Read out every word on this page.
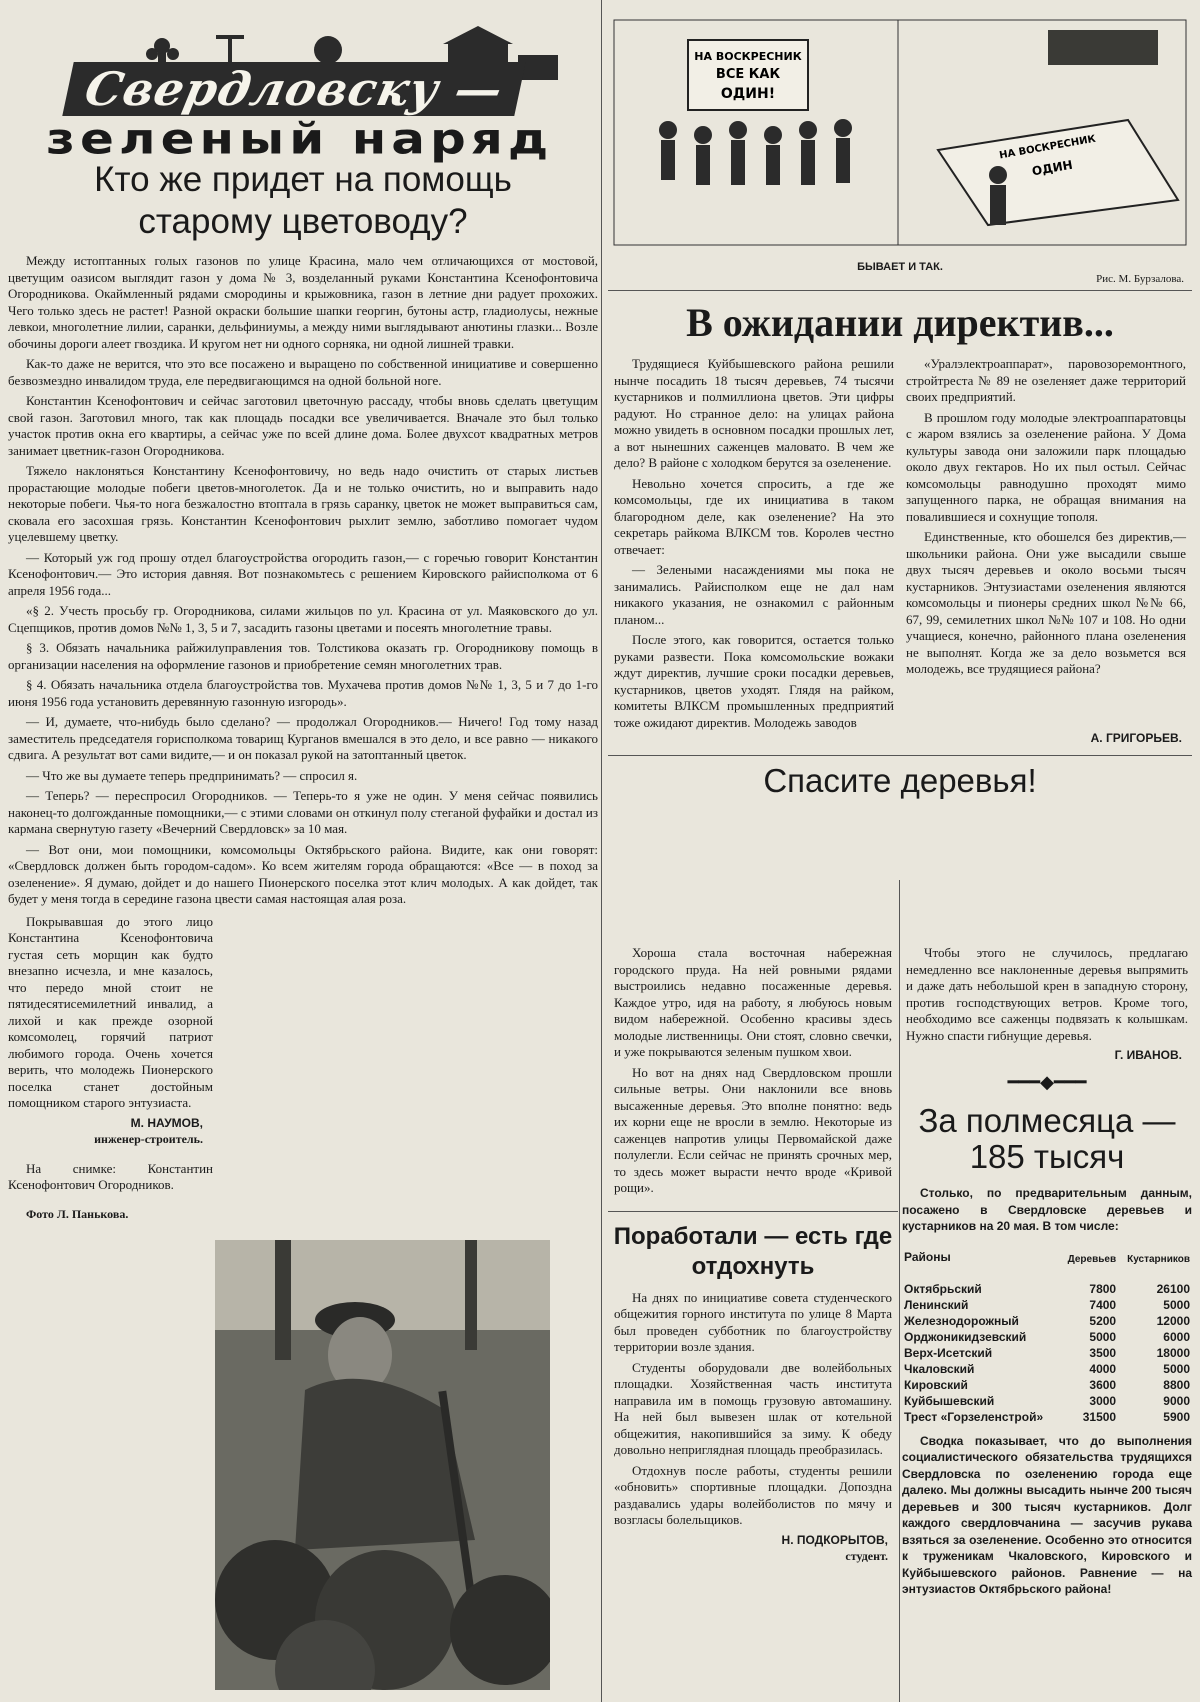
Свердловску —
зеленый наряд
Кто же придет на помощь старому цветоводу?

Между истоптанных голых газонов по улице Красина, мало чем отличающихся от мостовой, цветущим оазисом выглядит газон у дома № 3, возделанный руками Константина Ксенофонтовича Огородникова. Окаймленный рядами смородины и крыжовника, газон в летние дни радует прохожих. Чего только здесь не растет! Разной окраски большие шапки георгин, бутоны астр, гладиолусы, нежные левкои, многолетние лилии, саранки, дельфиниумы, а между ними выглядывают анютины глазки... Возле обочины дороги алеет гвоздика. И кругом нет ни одного сорняка, ни одной лишней травки.

Как-то даже не верится, что это все посажено и выращено по собственной инициативе и совершенно безвозмездно инвалидом труда, еле передвигающимся на одной больной ноге.

Константин Ксенофонтович и сейчас заготовил цветочную рассаду, чтобы вновь сделать цветущим свой газон. Заготовил много, так как площадь посадки все увеличивается. Вначале это был только участок против окна его квартиры, а сейчас уже по всей длине дома. Более двухсот квадратных метров занимает цветник-газон Огородникова.

Тяжело наклоняться Константину Ксенофонтовичу, но ведь надо очистить от старых листьев прорастающие молодые побеги цветов-многолеток. Да и не только очистить, но и выправить надо некоторые побеги. Чья-то нога безжалостно втоптала в грязь саранку, цветок не может выправиться сам, сковала его засохшая грязь. Константин Ксенофонтович рыхлит землю, заботливо помогает чудом уцелевшему цветку.

— Который уж год прошу отдел благоустройства огородить газон,— с горечью говорит Константин Ксенофонтович.— Это история давняя. Вот познакомьтесь с решением Кировского райисполкома от 6 апреля 1956 года...

«§ 2. Учесть просьбу гр. Огородникова, силами жильцов по ул. Красина от ул. Маяковского до ул. Сцепщиков, против домов №№ 1, 3, 5 и 7, засадить газоны цветами и посеять многолетние травы.

§ 3. Обязать начальника райжилуправления тов. Толстикова оказать гр. Огородникову помощь в организации населения на оформление газонов и приобретение семян многолетних трав.

§ 4. Обязать начальника отдела благоустройства тов. Мухачева против домов №№ 1, 3, 5 и 7 до 1-го июня 1956 года установить деревянную газонную изгородь».

— И, думаете, что-нибудь было сделано? — продолжал Огородников.— Ничего! Год тому назад заместитель председателя горисполкома товарищ Курганов вмешался в это дело, и все равно — никакого сдвига. А результат вот сами видите,— и он показал рукой на затоптанный цветок.

— Что же вы думаете теперь предпринимать? — спросил я.

— Теперь? — переспросил Огородников. — Теперь-то я уже не один. У меня сейчас появились наконец-то долгожданные помощники,— с этими словами он откинул полу стеганой фуфайки и достал из кармана свернутую газету «Вечерний Свердловск» за 10 мая.

— Вот они, мои помощники, комсомольцы Октябрьского района. Видите, как они говорят: «Свердловск должен быть городом-садом». Ко всем жителям города обращаются: «Все — в поход за озеленение». Я думаю, дойдет и до нашего Пионерского поселка этот клич молодых. А как дойдет, так будет у меня тогда в середине газона цвести самая настоящая алая роза.

Покрывавшая до этого лицо Константина Ксенофонтовича густая сеть морщин как будто внезапно исчезла, и мне казалось, что передо мной стоит не пятидесятисемилетний инвалид, а лихой и как прежде озорной комсомолец, горячий патриот любимого города. Очень хочется верить, что молодежь Пионерского поселка станет достойным помощником старого энтузиаста.

М. НАУМОВ,
инженер-строитель.

На снимке: Константин Ксенофонтович Огородников.

Фото Л. Панькова.

НА ВОСКРЕСНИК
ВСЕ КАК
ОДИН!
НА ВОСКРЕСНИК
ОДИН
БЫВАЕТ И ТАК.
Рис. М. Бурзалова.
В ожидании директив...

Трудящиеся Куйбышевского района решили нынче посадить 18 тысяч деревьев, 74 тысячи кустарников и полмиллиона цветов. Эти цифры радуют. Но странное дело: на улицах района можно увидеть в основном посадки прошлых лет, а вот нынешних саженцев маловато. В чем же дело? В районе с холодком берутся за озеленение.

Невольно хочется спросить, а где же комсомольцы, где их инициатива в таком благородном деле, как озеленение? На это секретарь райкома ВЛКСМ тов. Королев честно отвечает:

— Зелеными насаждениями мы пока не занимались. Райисполком еще не дал нам никакого указания, не ознакомил с районным планом...

После этого, как говорится, остается только руками развести. Пока комсомольские вожаки ждут директив, лучшие сроки посадки деревьев, кустарников, цветов уходят. Глядя на райком, комитеты ВЛКСМ промышленных предприятий тоже ожидают директив. Молодежь заводов

«Уралэлектроаппарат», паровозоремонтного, стройтреста № 89 не озеленяет даже территорий своих предприятий.

В прошлом году молодые электроаппаратовцы с жаром взялись за озеленение района. У Дома культуры завода они заложили парк площадью около двух гектаров. Но их пыл остыл. Сейчас комсомольцы равнодушно проходят мимо запущенного парка, не обращая внимания на повалившиеся и сохнущие тополя.

Единственные, кто обошелся без директив,— школьники района. Они уже высадили свыше двух тысяч деревьев и около восьми тысяч кустарников. Энтузиастами озеленения являются комсомольцы и пионеры средних школ №№ 66, 67, 99, семилетних школ №№ 107 и 108. Но одни учащиеся, конечно, районного плана озеленения не выполнят. Когда же за дело возьмется вся молодежь, все трудящиеся района?

А. ГРИГОРЬЕВ.
Спасите деревья!

Хороша стала восточная набережная городского пруда. На ней ровными рядами выстроились недавно посаженные деревья. Каждое утро, идя на работу, я любуюсь новым видом набережной. Особенно красивы здесь молодые лиственницы. Они стоят, словно свечки, и уже покрываются зеленым пушком хвои.

Но вот на днях над Свердловском прошли сильные ветры. Они наклонили все вновь высаженные деревья. Это вполне понятно: ведь их корни еще не вросли в землю. Некоторые из саженцев напротив улицы Первомайской даже полулегли. Если сейчас не принять срочных мер, то здесь может вырасти нечто вроде «Кривой рощи».

Поработали — есть где отдохнуть

На днях по инициативе совета студенческого общежития горного института по улице 8 Марта был проведен субботник по благоустройству территории возле здания.

Студенты оборудовали две волейбольных площадки. Хозяйственная часть института направила им в помощь грузовую автомашину. На ней был вывезен шлак от котельной общежития, накопившийся за зиму. К обеду довольно неприглядная площадь преобразилась.

Отдохнув после работы, студенты решили «обновить» спортивные площадки. Допоздна раздавались удары волейболистов по мячу и возгласы болельщиков.

Н. ПОДКОРЫТОВ,
студент.

Чтобы этого не случилось, предлагаю немедленно все наклоненные деревья выпрямить и даже дать небольшой крен в западную сторону, против господствующих ветров. Кроме того, необходимо все саженцы подвязать к колышкам. Нужно спасти гибнущие деревья.

Г. ИВАНОВ.
━━━◆━━━
За полмесяца —
185 тысяч

Столько, по предварительным данным, посажено в Свердловске деревьев и кустарников на 20 мая. В том числе:

Районы	Деревьев	Кустарников
Октябрьский	7800	26100
Ленинский	7400	5000
Железнодорожный	5200	12000
Орджоникидзевский	5000	6000
Верх-Исетский	3500	18000
Чкаловский	4000	5000
Кировский	3600	8800
Куйбышевский	3000	9000
Трест «Горзеленстрой»	31500	5900

Сводка показывает, что до выполнения социалистического обязательства трудящихся Свердловска по озеленению города еще далеко. Мы должны высадить нынче 200 тысяч деревьев и 300 тысяч кустарников. Долг каждого свердловчанина — засучив рукава взяться за озеленение. Особенно это относится к труженикам Чкаловского, Кировского и Куйбышевского районов. Равнение — на энтузиастов Октябрьского района!
